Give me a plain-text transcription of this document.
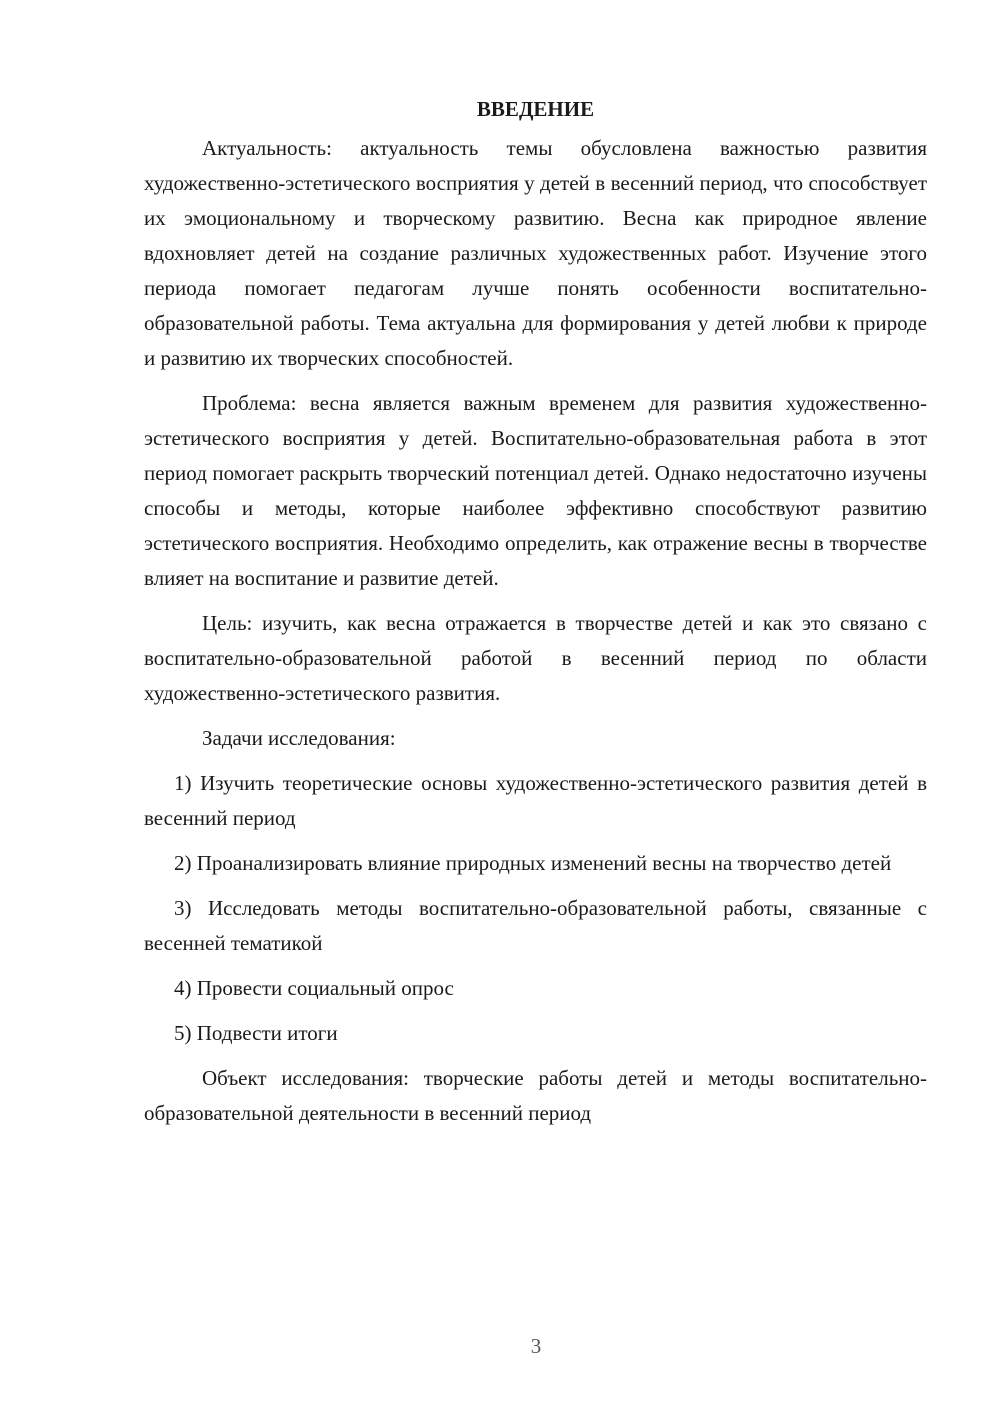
ВВЕДЕНИЕ

Актуальность: актуальность темы обусловлена важностью развития художественно-эстетического восприятия у детей в весенний период, что способствует их эмоциональному и творческому развитию. Весна как природное явление вдохновляет детей на создание различных художественных работ. Изучение этого периода помогает педагогам лучше понять особенности воспитательно-образовательной работы. Тема актуальна для формирования у детей любви к природе и развитию их творческих способностей.

Проблема: весна является важным временем для развития художественно-эстетического восприятия у детей. Воспитательно-образовательная работа в этот период помогает раскрыть творческий потенциал детей. Однако недостаточно изучены способы и методы, которые наиболее эффективно способствуют развитию эстетического восприятия. Необходимо определить, как отражение весны в творчестве влияет на воспитание и развитие детей.

Цель: изучить, как весна отражается в творчестве детей и как это связано с воспитательно-образовательной работой в весенний период по области художественно-эстетического развития.

Задачи исследования:

1) Изучить теоретические основы художественно-эстетического развития детей в весенний период

2) Проанализировать влияние природных изменений весны на творчество детей

3) Исследовать методы воспитательно-образовательной работы, связанные с весенней тематикой

4) Провести социальный опрос

5) Подвести итоги

Объект исследования: творческие работы детей и методы воспитательно-образовательной деятельности в весенний период

3
